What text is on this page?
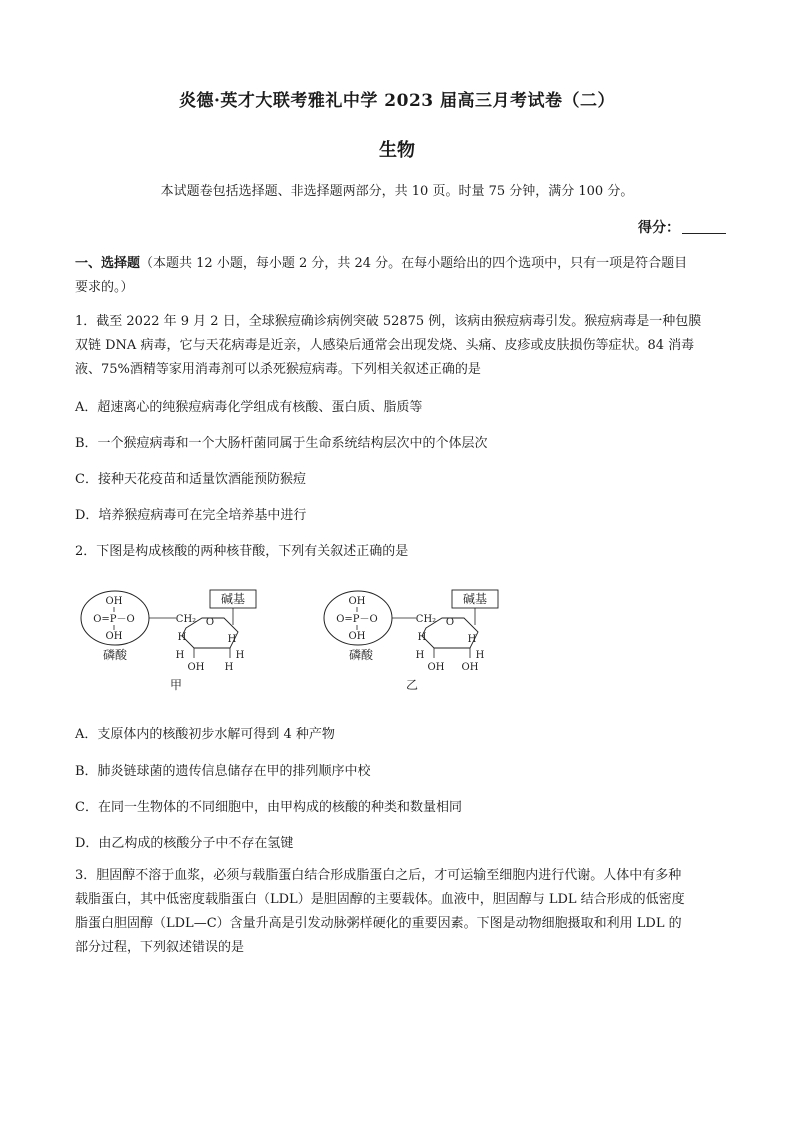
炎德·英才大联考雅礼中学 2023 届高三月考试卷（二）
生物
本试题卷包括选择题、非选择题两部分，共 10 页。时量 75 分钟，满分 100 分。
得分：
一、选择题（本题共 12 小题，每小题 2 分，共 24 分。在每小题给出的四个选项中，只有一项是符合题目
要求的。）
1．截至 2022 年 9 月 2 日，全球猴痘确诊病例突破 52875 例，该病由猴痘病毒引发。猴痘病毒是一种包膜
双链 DNA 病毒，它与天花病毒是近亲，人感染后通常会出现发烧、头痛、皮疹或皮肤损伤等症状。84 消毒
液、75%酒精等家用消毒剂可以杀死猴痘病毒。下列相关叙述正确的是
A．超速离心的纯猴痘病毒化学组成有核酸、蛋白质、脂质等
B．一个猴痘病毒和一个大肠杆菌同属于生命系统结构层次中的个体层次
C．接种天花疫苗和适量饮酒能预防猴痘
D．培养猴痘病毒可在完全培养基中进行
2．下图是构成核酸的两种核苷酸，下列有关叙述正确的是
OH
O=P－O
OH
CH₂
磷酸
碱基
O
H	H
H	H
OH H
甲
OH
O=P－O
OH
CH₂
磷酸
碱基
O
H	H
H	H
OH OH
乙
A．支原体内的核酸初步水解可得到 4 种产物
B．肺炎链球菌的遗传信息储存在甲的排列顺序中校
C．在同一生物体的不同细胞中，由甲构成的核酸的种类和数量相同
D．由乙构成的核酸分子中不存在氢键
3．胆固醇不溶于血浆，必须与载脂蛋白结合形成脂蛋白之后，才可运输至细胞内进行代谢。人体中有多种
载脂蛋白，其中低密度载脂蛋白（LDL）是胆固醇的主要载体。血液中，胆固醇与 LDL 结合形成的低密度
脂蛋白胆固醇（LDL—C）含量升高是引发动脉粥样硬化的重要因素。下图是动物细胞摄取和利用 LDL 的
部分过程，下列叙述错误的是
